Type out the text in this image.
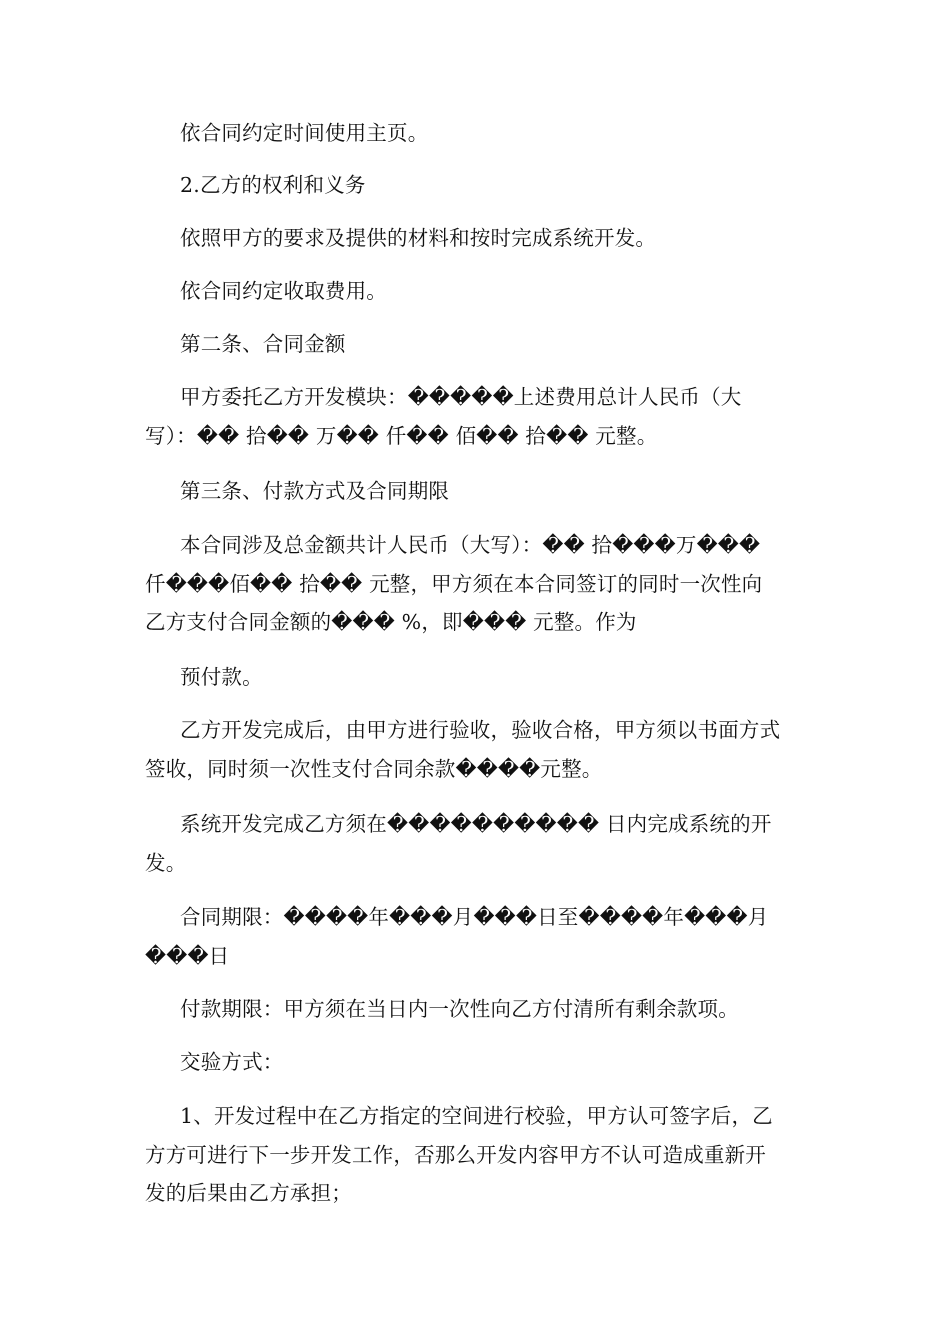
依合同约定时间使用主页。

2.乙方的权利和义务

依照甲方的要求及提供的材料和按时完成系统开发。

依合同约定收取费用。

第二条、合同金额

甲方委托乙方开发模块：�����上述费用总计人民币（大
写）：�� 拾�� 万�� 仟�� 佰�� 拾�� 元整。

第三条、付款方式及合同期限

本合同涉及总金额共计人民币（大写）：�� 拾���万���
仟���佰�� 拾�� 元整，甲方须在本合同签订的同时一次性向
乙方支付合同金额的��� %，即��� 元整。作为

预付款。

乙方开发完成后，由甲方进行验收，验收合格，甲方须以书面方式
签收，同时须一次性支付合同余款����元整。

系统开发完成乙方须在���������� 日内完成系统的开
发。

合同期限：����年���月���日至����年���月
���日

付款期限：甲方须在当日内一次性向乙方付清所有剩余款项。

交验方式：

1、开发过程中在乙方指定的空间进行校验，甲方认可签字后，乙
方方可进行下一步开发工作，否那么开发内容甲方不认可造成重新开
发的后果由乙方承担；
